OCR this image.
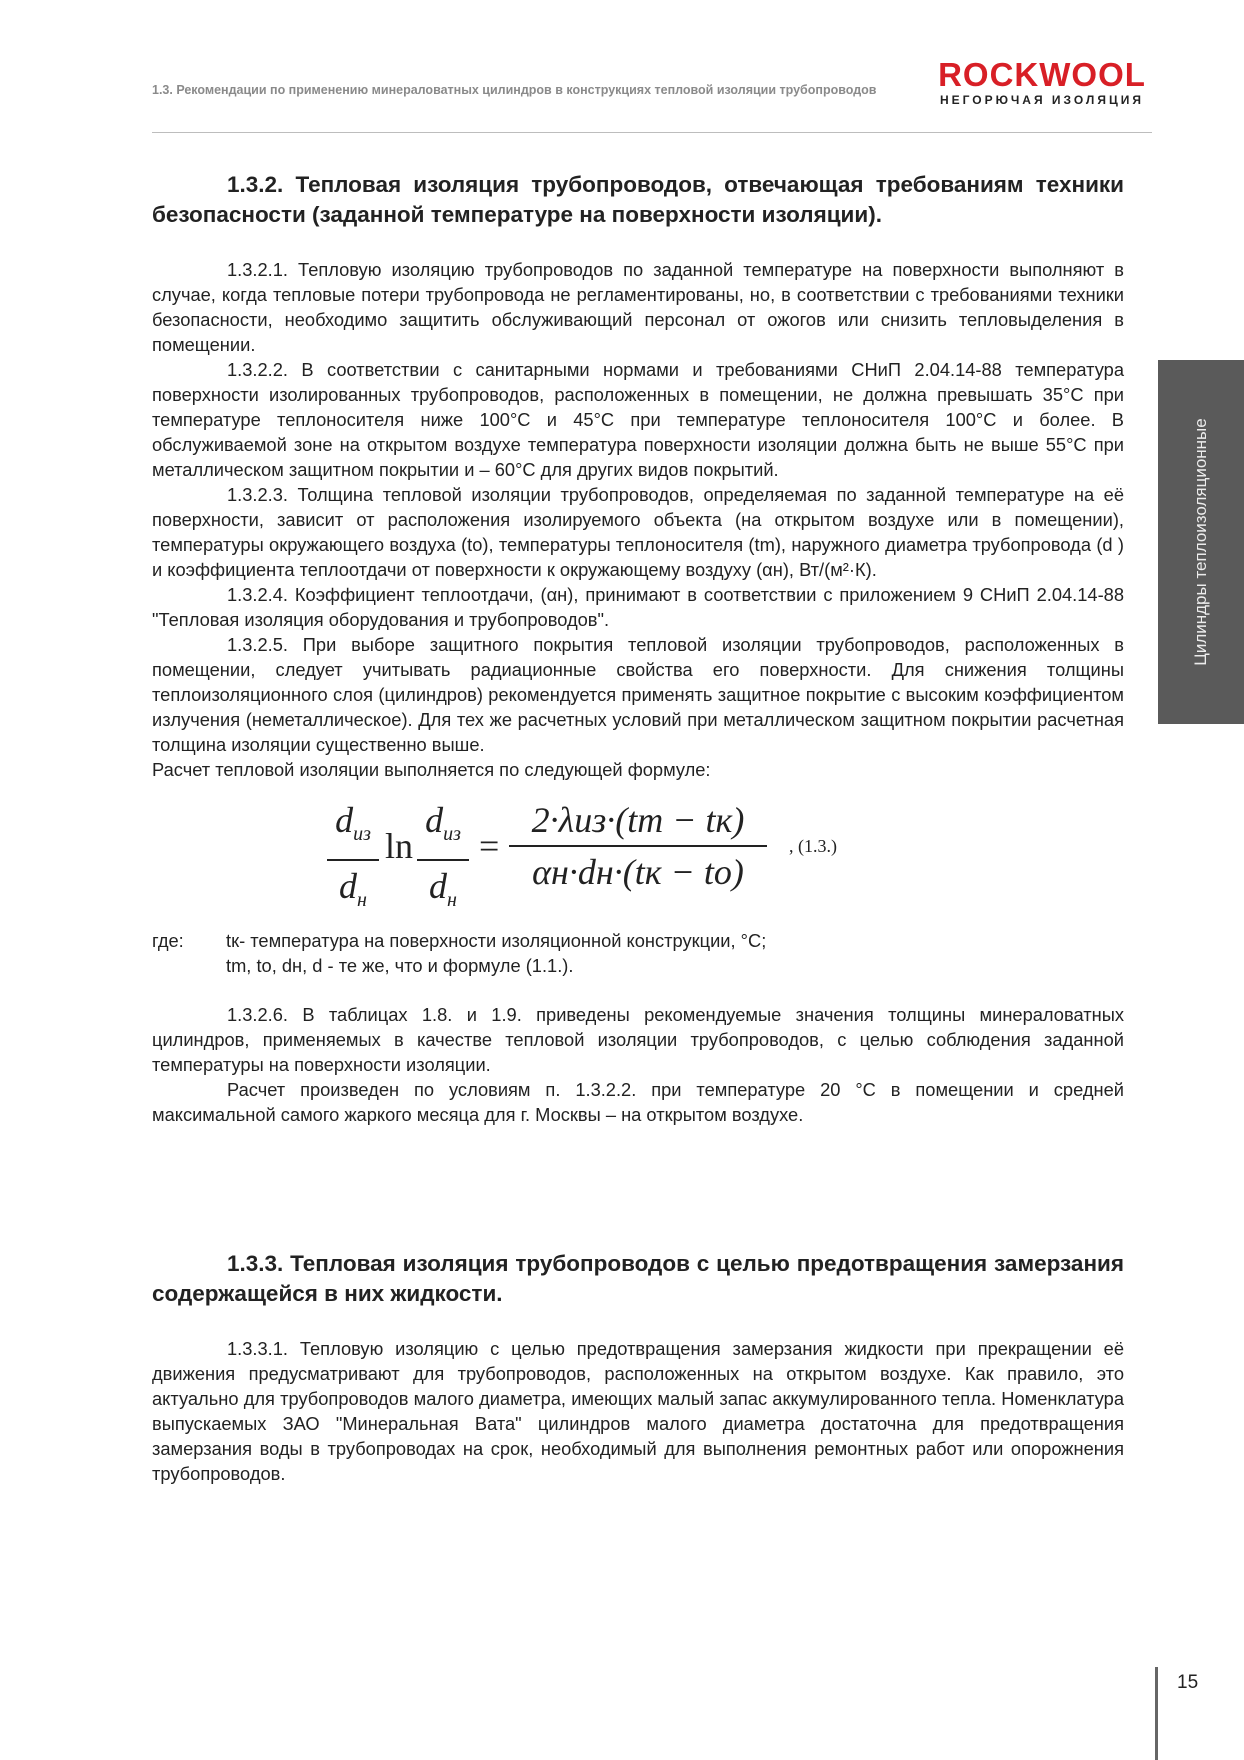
1.3. Рекомендации по применению минераловатных цилиндров в конструкциях тепловой изоляции трубопроводов	ROCKWOOL
НЕГОРЮЧАЯ ИЗОЛЯЦИЯ
Цилиндры теплоизоляционные
1.3.2. Тепловая изоляция трубопроводов, отвечающая требованиям техники безопасности (заданной температуре на поверхности изоляции).

1.3.2.1. Тепловую изоляцию трубопроводов по заданной температуре на поверхности выполняют в случае, когда тепловые потери трубопровода не регламентированы, но, в соответствии с требованиями техники безопасности, необходимо защитить обслуживающий персонал от ожогов или снизить тепловыделения в помещении.

1.3.2.2. В соответствии с санитарными нормами и требованиями СНиП 2.04.14-88 температура поверхности изолированных трубопроводов, расположенных в помещении, не должна превышать 35°С при температуре теплоносителя ниже 100°С и 45°С при температуре теплоносителя 100°С и более. В обслуживаемой зоне на открытом воздухе температура поверхности изоляции должна быть не выше 55°С при металлическом защитном покрытии и – 60°С для других видов покрытий.

1.3.2.3. Толщина тепловой изоляции трубопроводов, определяемая по заданной температуре на её поверхности, зависит от расположения изолируемого объекта (на открытом воздухе или в помещении), температуры окружающего воздуха (tо), температуры теплоносителя (tm), наружного диаметра трубопровода (d ) и коэффициента теплоотдачи от поверхности к окружающему воздуху (αн), Вт/(м²·К).

1.3.2.4. Коэффициент теплоотдачи, (αн), принимают в соответствии с приложением 9 СНиП 2.04.14-88 "Тепловая изоляция оборудования и трубопроводов".

1.3.2.5. При выборе защитного покрытия тепловой изоляции трубопроводов, расположенных в помещении, следует учитывать радиационные свойства его поверхности. Для снижения толщины теплоизоляционного слоя (цилиндров) рекомендуется применять защитное покрытие с высоким коэффициентом излучения (неметаллическое). Для тех же расчетных условий при металлическом защитном покрытии расчетная толщина изоляции существенно выше.

Расчет тепловой изоляции выполняется по следующей формуле:

$d_{из}$
$d_н$
ln
$d_{из}$
$d_н$
=
2·λиз·(tm − tк)
αн·dн·(tк − tо)
, (1.3.)
где: tк- температура на поверхности изоляционной конструкции, °С;
tm, tо, dн, d - те же, что и формуле (1.1.).

1.3.2.6. В таблицах 1.8. и 1.9. приведены рекомендуемые значения толщины минераловатных цилиндров, применяемых в качестве тепловой изоляции трубопроводов, с целью соблюдения заданной температуры на поверхности изоляции.

Расчет произведен по условиям п. 1.3.2.2. при температуре 20 °С в помещении и средней максимальной самого жаркого месяца для г. Москвы – на открытом воздухе.

1.3.3. Тепловая изоляция трубопроводов с целью предотвращения замерзания содержащейся в них жидкости.

1.3.3.1. Тепловую изоляцию с целью предотвращения замерзания жидкости при прекращении её движения предусматривают для трубопроводов, расположенных на открытом воздухе. Как правило, это актуально для трубопроводов малого диаметра, имеющих малый запас аккумулированного тепла. Номенклатура выпускаемых ЗАО "Минеральная Вата" цилиндров малого диаметра достаточна для предотвращения замерзания воды в трубопроводах на срок, необходимый для выполнения ремонтных работ или опорожнения трубопроводов.

15
